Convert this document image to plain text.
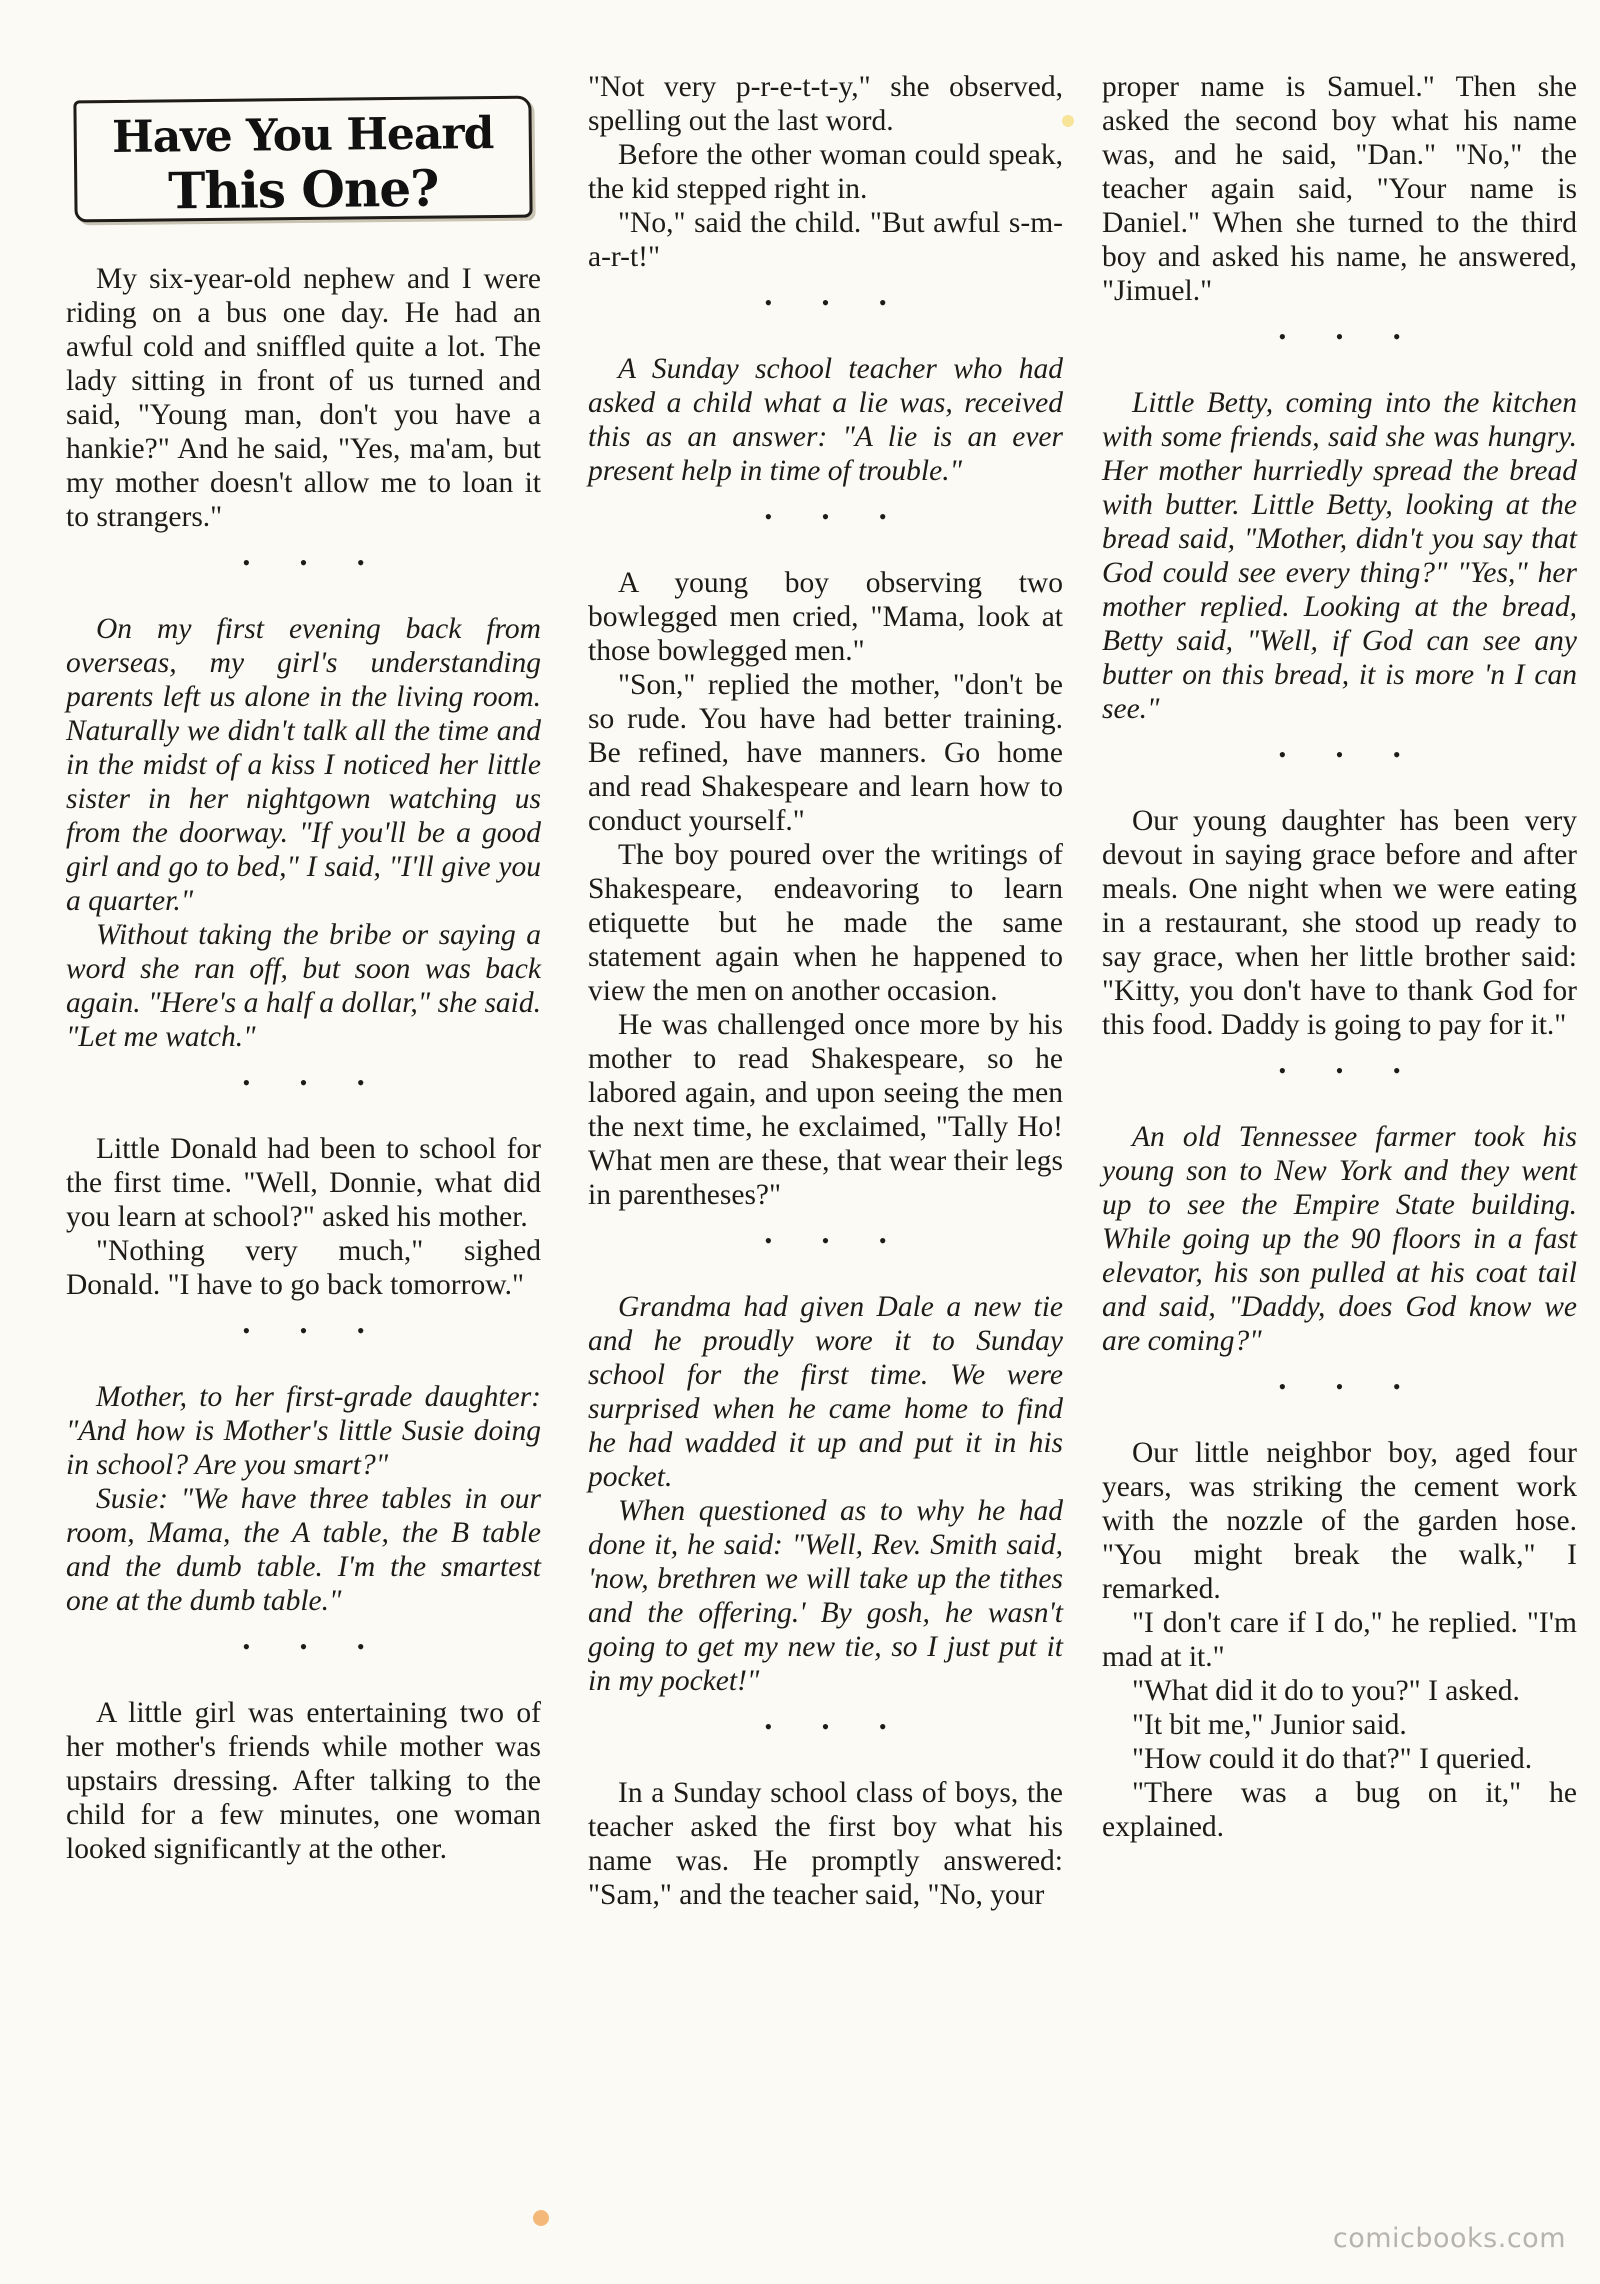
Have You Heard
This One?

My six-year-old nephew and I were riding on a bus one day. He had an awful cold and sniffled quite a lot. The lady sitting in front of us turned and said, "Young man, don't you have a hankie?" And he said, "Yes, ma'am, but my mother doesn't allow me to loan it to strangers."

• • •

On my first evening back from overseas, my girl's understanding parents left us alone in the living room. Naturally we didn't talk all the time and in the midst of a kiss I noticed her little sister in her nightgown watching us from the doorway. "If you'll be a good girl and go to bed," I said, "I'll give you a quarter."

Without taking the bribe or saying a word she ran off, but soon was back again. "Here's a half a dollar," she said. "Let me watch."

• • •

Little Donald had been to school for the first time. "Well, Donnie, what did you learn at school?" asked his mother.

"Nothing very much," sighed Donald. "I have to go back tomorrow."

• • •

Mother, to her first-grade daughter: "And how is Mother's little Susie doing in school? Are you smart?"

Susie: "We have three tables in our room, Mama, the A table, the B table and the dumb table. I'm the smartest one at the dumb table."

• • •

A little girl was entertaining two of her mother's friends while mother was upstairs dressing. After talking to the child for a few minutes, one woman looked significantly at the other.

"Not very p-r-e-t-t-y," she observed, spelling out the last word.

Before the other woman could speak, the kid stepped right in.

"No," said the child. "But awful s-m-a-r-t!"

• • •

A Sunday school teacher who had asked a child what a lie was, received this as an answer: "A lie is an ever present help in time of trouble."

• • •

A young boy observing two bowlegged men cried, "Mama, look at those bowlegged men."

"Son," replied the mother, "don't be so rude. You have had better training. Be refined, have manners. Go home and read Shakespeare and learn how to conduct yourself."

The boy poured over the writings of Shakespeare, endeavoring to learn etiquette but he made the same statement again when he happened to view the men on another occasion.

He was challenged once more by his mother to read Shakespeare, so he labored again, and upon seeing the men the next time, he exclaimed, "Tally Ho! What men are these, that wear their legs in parentheses?"

• • •

Grandma had given Dale a new tie and he proudly wore it to Sunday school for the first time. We were surprised when he came home to find he had wadded it up and put it in his pocket.

When questioned as to why he had done it, he said: "Well, Rev. Smith said, 'now, brethren we will take up the tithes and the offering.' By gosh, he wasn't going to get my new tie, so I just put it in my pocket!"

• • •

In a Sunday school class of boys, the teacher asked the first boy what his name was. He promptly answered: "Sam," and the teacher said, "No, your

proper name is Samuel." Then she asked the second boy what his name was, and he said, "Dan." "No," the teacher again said, "Your name is Daniel." When she turned to the third boy and asked his name, he answered, "Jimuel."

• • •

Little Betty, coming into the kitchen with some friends, said she was hungry. Her mother hurriedly spread the bread with butter. Little Betty, looking at the bread said, "Mother, didn't you say that God could see every thing?" "Yes," her mother replied. Looking at the bread, Betty said, "Well, if God can see any butter on this bread, it is more 'n I can see."

• • •

Our young daughter has been very devout in saying grace before and after meals. One night when we were eating in a restaurant, she stood up ready to say grace, when her little brother said: "Kitty, you don't have to thank God for this food. Daddy is going to pay for it."

• • •

An old Tennessee farmer took his young son to New York and they went up to see the Empire State building. While going up the 90 floors in a fast elevator, his son pulled at his coat tail and said, "Daddy, does God know we are coming?"

• • •

Our little neighbor boy, aged four years, was striking the cement work with the nozzle of the garden hose. "You might break the walk," I remarked.

"I don't care if I do," he replied. "I'm mad at it."

"What did it do to you?" I asked.

"It bit me," Junior said.

"How could it do that?" I queried.

"There was a bug on it," he explained.

comicbooks.com
